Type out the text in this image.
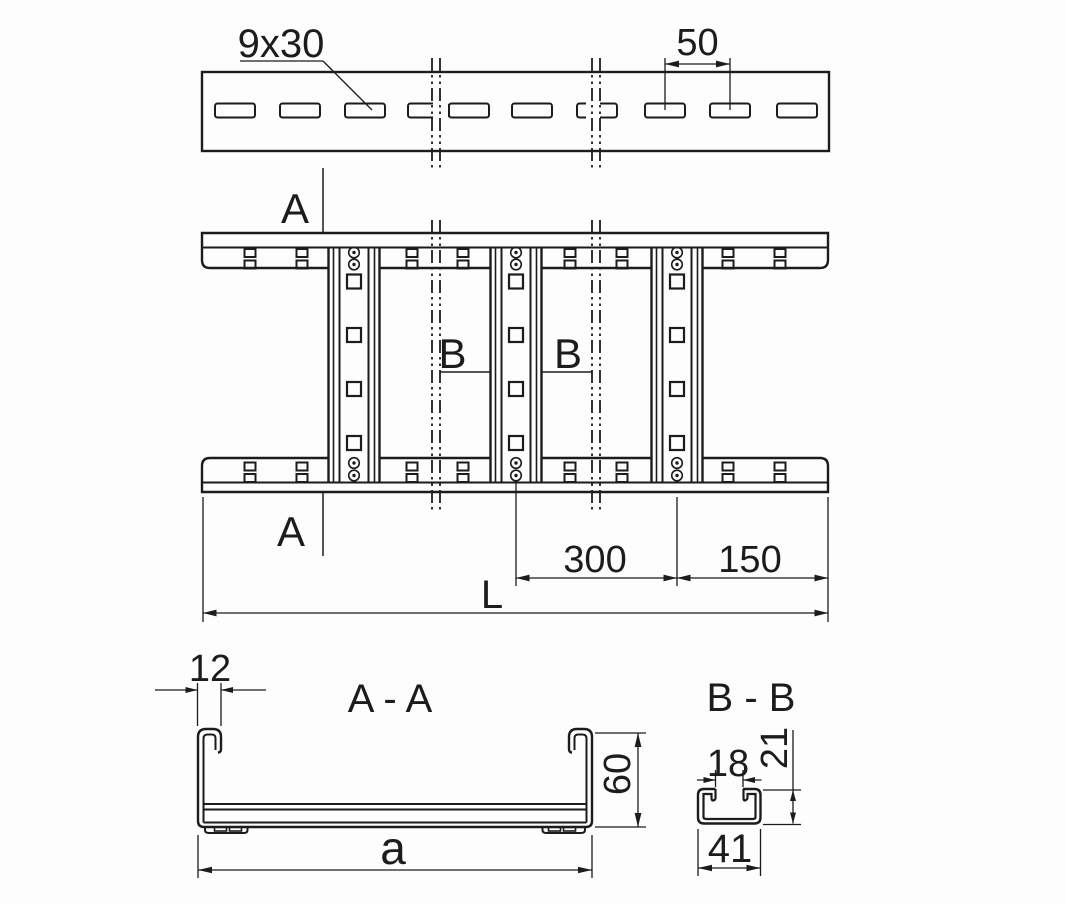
9x30	50
A
A
B B
300 150
L
A - A
12
60
a
B - B
18 21
41
